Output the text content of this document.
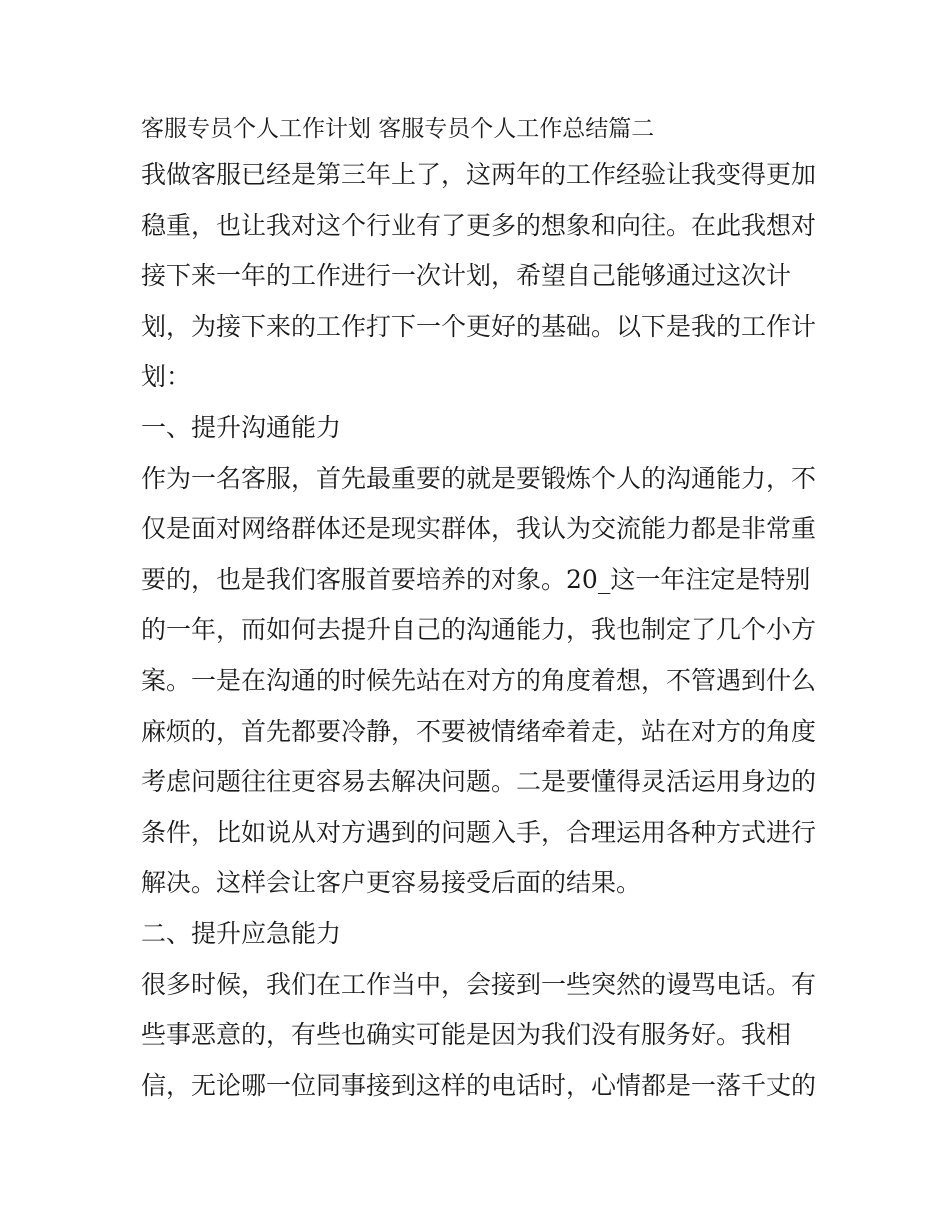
客服专员个人工作计划 客服专员个人工作总结篇二

我做客服已经是第三年上了，这两年的工作经验让我变得更加

稳重，也让我对这个行业有了更多的想象和向往。在此我想对

接下来一年的工作进行一次计划，希望自己能够通过这次计

划，为接下来的工作打下一个更好的基础。以下是我的工作计

划：

一、提升沟通能力

作为一名客服，首先最重要的就是要锻炼个人的沟通能力，不

仅是面对网络群体还是现实群体，我认为交流能力都是非常重

要的，也是我们客服首要培养的对象。20_这一年注定是特别

的一年，而如何去提升自己的沟通能力，我也制定了几个小方

案。一是在沟通的时候先站在对方的角度着想，不管遇到什么

麻烦的，首先都要冷静，不要被情绪牵着走，站在对方的角度

考虑问题往往更容易去解决问题。二是要懂得灵活运用身边的

条件，比如说从对方遇到的问题入手，合理运用各种方式进行

解决。这样会让客户更容易接受后面的结果。

二、提升应急能力

很多时候，我们在工作当中，会接到一些突然的谩骂电话。有

些事恶意的，有些也确实可能是因为我们没有服务好。我相

信，无论哪一位同事接到这样的电话时，心情都是一落千丈的
